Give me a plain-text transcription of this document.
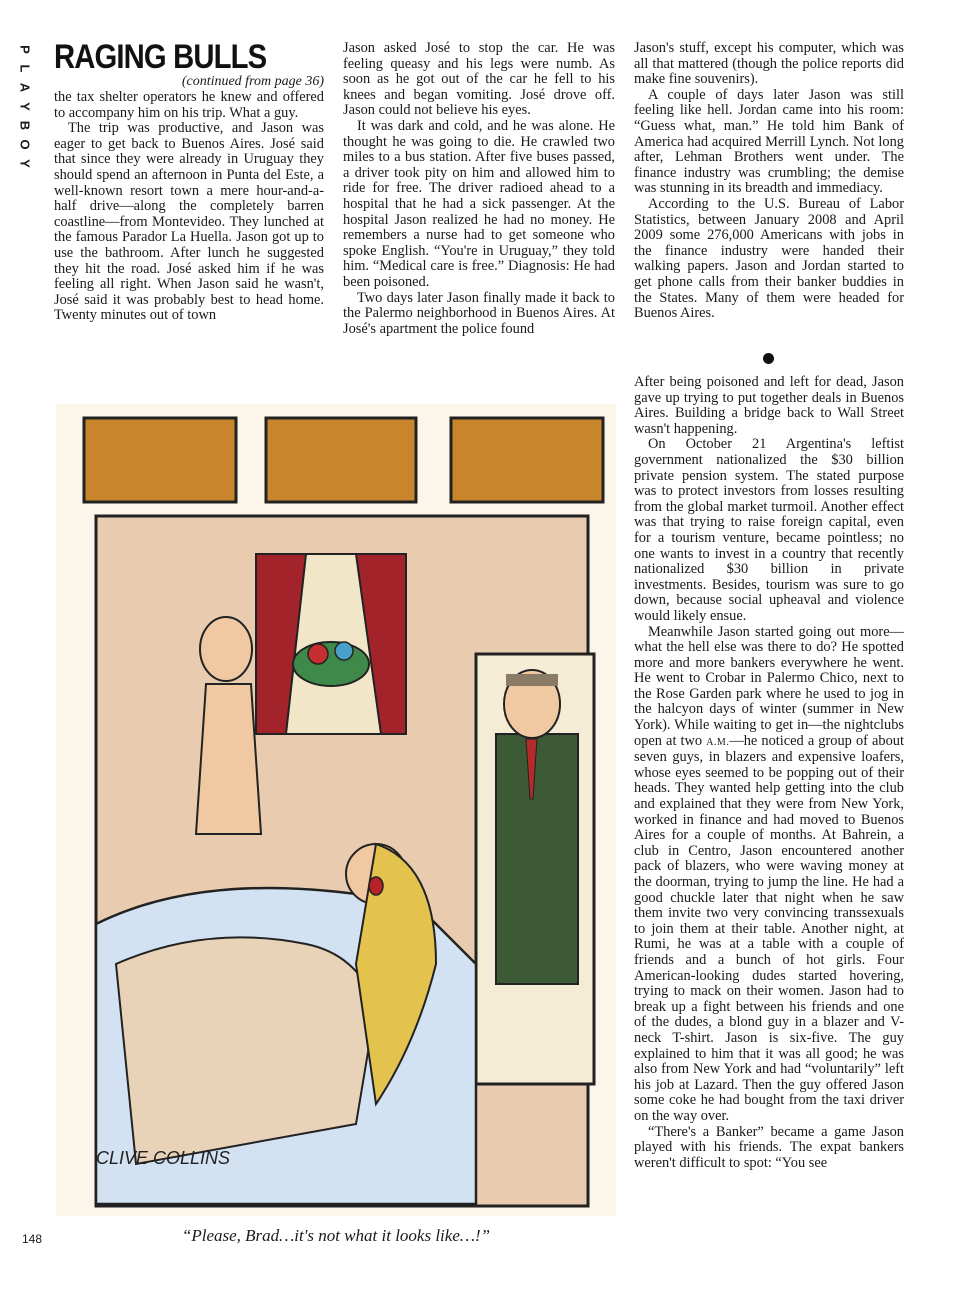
P
L
A
Y
B
O
Y
RAGING BULLS
(continued from page 36)

the tax shelter operators he knew and offered to accompany him on his trip. What a guy.

The trip was productive, and Jason was eager to get back to Buenos Aires. José said that since they were already in Uruguay they should spend an afternoon in Punta del Este, a well-known resort town a mere hour-and-a-half drive—along the completely barren coastline—from Montevideo. They lunched at the famous Parador La Huella. Jason got up to use the bathroom. After lunch he suggested they hit the road. José asked him if he was feeling all right. When Jason said he wasn't, José said it was probably best to head home. Twenty minutes out of town

Jason asked José to stop the car. He was feeling queasy and his legs were numb. As soon as he got out of the car he fell to his knees and began vomiting. José drove off. Jason could not believe his eyes.

It was dark and cold, and he was alone. He thought he was going to die. He crawled two miles to a bus station. After five buses passed, a driver took pity on him and allowed him to ride for free. The driver radioed ahead to a hospital that he had a sick passenger. At the hospital Jason realized he had no money. He remembers a nurse had to get someone who spoke English. “You're in Uruguay,” they told him. “Medical care is free.” Diagnosis: He had been poisoned.

Two days later Jason finally made it back to the Palermo neighborhood in Buenos Aires. At José's apartment the police found

Jason's stuff, except his computer, which was all that mattered (though the police reports did make fine souvenirs).

A couple of days later Jason was still feeling like hell. Jordan came into his room: “Guess what, man.” He told him Bank of America had acquired Merrill Lynch. Not long after, Lehman Brothers went under. The finance industry was crumbling; the demise was stunning in its breadth and immediacy.

According to the U.S. Bureau of Labor Statistics, between January 2008 and April 2009 some 276,000 Americans with jobs in the finance industry were handed their walking papers. Jason and Jordan started to get phone calls from their banker buddies in the States. Many of them were headed for Buenos Aires.

After being poisoned and left for dead, Jason gave up trying to put together deals in Buenos Aires. Building a bridge back to Wall Street wasn't happening.

On October 21 Argentina's leftist government nationalized the $30 billion private pension system. The stated purpose was to protect investors from losses resulting from the global market turmoil. Another effect was that trying to raise foreign capital, even for a tourism venture, became pointless; no one wants to invest in a country that recently nationalized $30 billion in private investments. Besides, tourism was sure to go down, because social upheaval and violence would likely ensue.

Meanwhile Jason started going out more—what the hell else was there to do? He spotted more and more bankers everywhere he went. He went to Crobar in Palermo Chico, next to the Rose Garden park where he used to jog in the halcyon days of winter (summer in New York). While waiting to get in—the nightclubs open at two A.M.—he noticed a group of about seven guys, in blazers and expensive loafers, whose eyes seemed to be popping out of their heads. They wanted help getting into the club and explained that they were from New York, worked in finance and had moved to Buenos Aires for a couple of months. At Bahrein, a club in Centro, Jason encountered another pack of blazers, who were waving money at the doorman, trying to jump the line. He had a good chuckle later that night when he saw them invite two very convincing transsexuals to join them at their table. Another night, at Rumi, he was at a table with a couple of friends and a bunch of hot girls. Four American-looking dudes started hovering, trying to mack on their women. Jason had to break up a fight between his friends and one of the dudes, a blond guy in a blazer and V-neck T-shirt. Jason is six-five. The guy explained to him that it was all good; he was also from New York and had “voluntarily” left his job at Lazard. Then the guy offered Jason some coke he had bought from the taxi driver on the way over.

“There's a Banker” became a game Jason played with his friends. The expat bankers weren't difficult to spot: “You see

CLIVE COLLINS
“Please, Brad…it's not what it looks like…!”
148
